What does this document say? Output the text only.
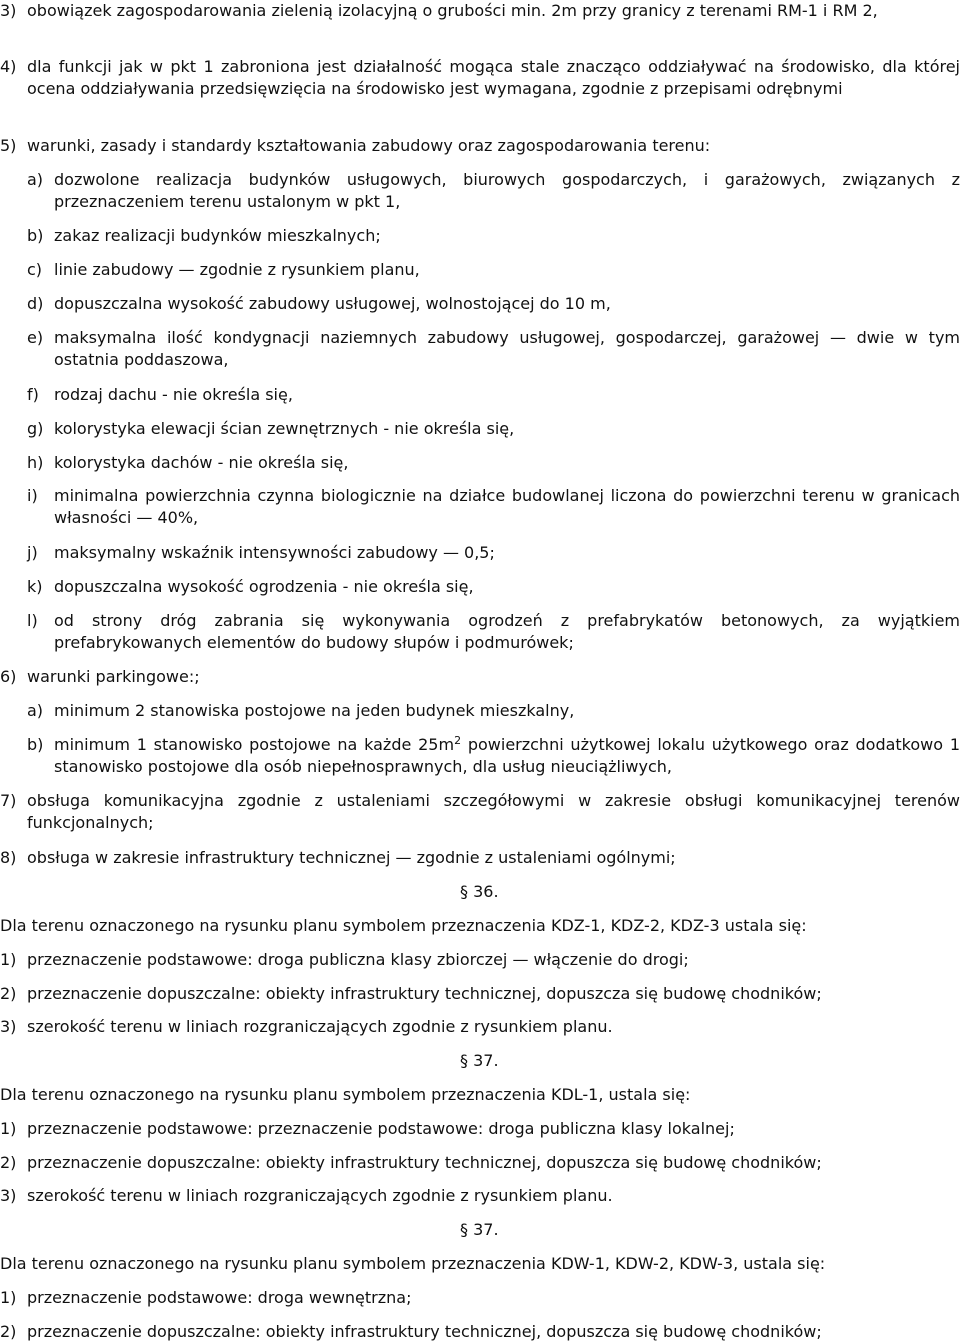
3) obowiązek zagospodarowania zielenią izolacyjną o grubości min. 2m przy granicy z terenami RM-1 i RM 2,
4) dla funkcji jak w pkt 1 zabroniona jest działalność mogąca stale znacząco oddziaływać na środowisko, dla której ocena oddziaływania przedsięwzięcia na środowisko jest wymagana, zgodnie z przepisami odrębnymi
5) warunki, zasady i standardy kształtowania zabudowy oraz zagospodarowania terenu:
a) dozwolone realizacja budynków usługowych, biurowych gospodarczych, i garażowych, związanych z przeznaczeniem terenu ustalonym w pkt 1,
b) zakaz realizacji budynków mieszkalnych;
c) linie zabudowy — zgodnie z rysunkiem planu,
d) dopuszczalna wysokość zabudowy usługowej, wolnostojącej do 10 m,
e) maksymalna ilość kondygnacji naziemnych zabudowy usługowej, gospodarczej, garażowej — dwie w tym ostatnia poddaszowa,
f) rodzaj dachu - nie określa się,
g) kolorystyka elewacji ścian zewnętrznych - nie określa się,
h) kolorystyka dachów - nie określa się,
i)	minimalna powierzchnia czynna biologicznie na działce budowlanej liczona do powierzchni terenu w granicach własności — 40%,
j)	maksymalny wskaźnik intensywności zabudowy — 0,5;
k) dopuszczalna wysokość ogrodzenia - nie określa się,
l)	od strony dróg zabrania się wykonywania ogrodzeń z prefabrykatów betonowych, za wyjątkiem prefabrykowanych elementów do budowy słupów i podmurówek;
6) warunki parkingowe:;
a) minimum 2 stanowiska postojowe na jeden budynek mieszkalny,
b) minimum 1 stanowisko postojowe na każde $25m^2$ powierzchni użytkowej lokalu użytkowego oraz dodatkowo 1 stanowisko postojowe dla osób niepełnosprawnych, dla usług nieuciążliwych,
7) obsługa komunikacyjna zgodnie z ustaleniami szczegółowymi w zakresie obsługi komunikacyjnej terenów funkcjonalnych;
8) obsługa w zakresie infrastruktury technicznej — zgodnie z ustaleniami ogólnymi;
§ 36.
Dla terenu oznaczonego na rysunku planu symbolem przeznaczenia KDZ-1, KDZ-2, KDZ-3 ustala się:
1) przeznaczenie podstawowe: droga publiczna klasy zbiorczej — włączenie do drogi;
2) przeznaczenie dopuszczalne: obiekty infrastruktury technicznej, dopuszcza się budowę chodników;
3) szerokość terenu w liniach rozgraniczających zgodnie z rysunkiem planu.
§ 37.
Dla terenu oznaczonego na rysunku planu symbolem przeznaczenia KDL-1, ustala się:
1) przeznaczenie podstawowe: przeznaczenie podstawowe: droga publiczna klasy lokalnej;
2) przeznaczenie dopuszczalne: obiekty infrastruktury technicznej, dopuszcza się budowę chodników;
3) szerokość terenu w liniach rozgraniczających zgodnie z rysunkiem planu.
§ 37.
Dla terenu oznaczonego na rysunku planu symbolem przeznaczenia KDW-1, KDW-2, KDW-3, ustala się:
1) przeznaczenie podstawowe: droga wewnętrzna;
2) przeznaczenie dopuszczalne: obiekty infrastruktury technicznej, dopuszcza się budowę chodników;
